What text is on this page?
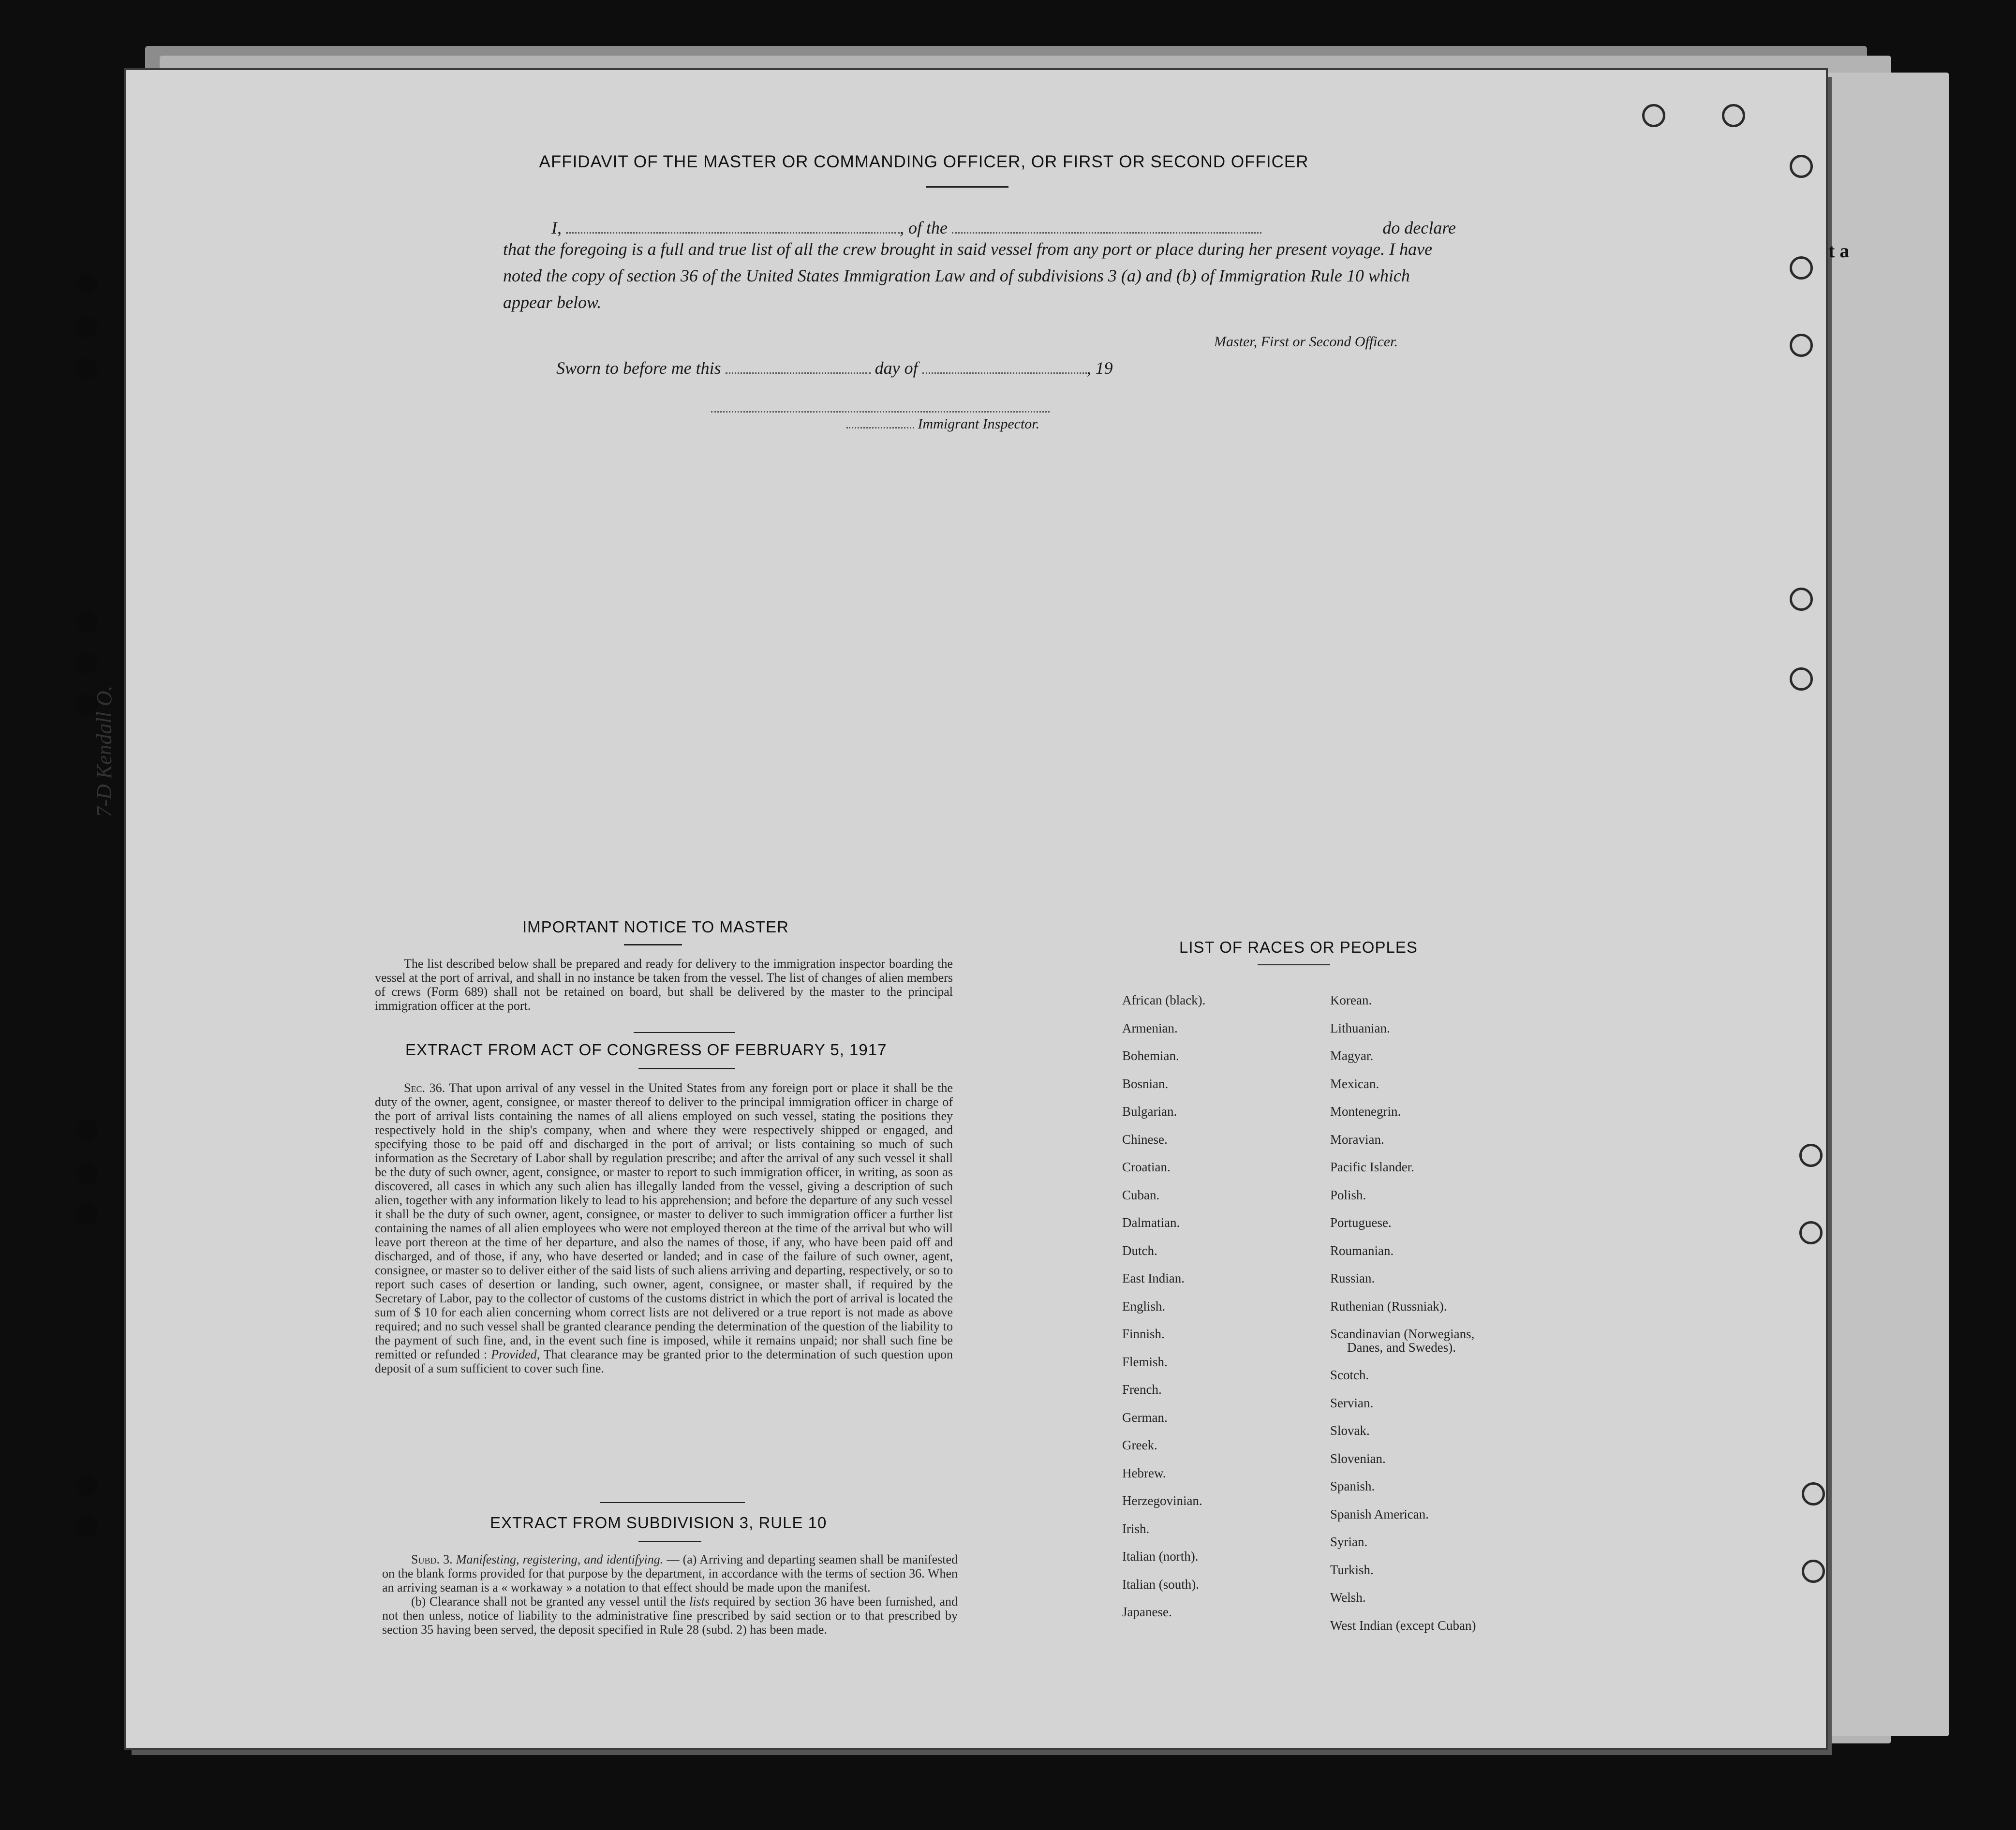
7-D Kendall O.
t a
AFFIDAVIT OF THE MASTER OR COMMANDING OFFICER, OR FIRST OR SECOND OFFICER
I,	, of the	do declare
that the foregoing is a full and true list of all the crew brought in said vessel from any port or place during her present voyage. I have noted the copy of section 36 of the United States Immigration Law and of subdivisions 3 (a) and (b) of Immigration Rule 10 which appear below.
Master, First or Second Officer.
Sworn to before me this	day of	, 19
Immigrant Inspector.
IMPORTANT NOTICE TO MASTER
The list described below shall be prepared and ready for delivery to the immigration inspector boarding the vessel at the port of arrival, and shall in no instance be taken from the vessel. The list of changes of alien members of crews (Form 689) shall not be retained on board, but shall be delivered by the master to the principal immigration officer at the port.
EXTRACT FROM ACT OF CONGRESS OF FEBRUARY 5, 1917
Sec. 36. That upon arrival of any vessel in the United States from any foreign port or place it shall be the duty of the owner, agent, consignee, or master thereof to deliver to the principal immigration officer in charge of the port of arrival lists containing the names of all aliens employed on such vessel, stating the positions they respectively hold in the ship's company, when and where they were respectively shipped or engaged, and specifying those to be paid off and discharged in the port of arrival; or lists containing so much of such information as the Secretary of Labor shall by regulation prescribe; and after the arrival of any such vessel it shall be the duty of such owner, agent, consignee, or master to report to such immigration officer, in writing, as soon as discovered, all cases in which any such alien has illegally landed from the vessel, giving a description of such alien, together with any information likely to lead to his apprehension; and before the departure of any such vessel it shall be the duty of such owner, agent, consignee, or master to deliver to such immigration officer a further list containing the names of all alien employees who were not employed thereon at the time of the arrival but who will leave port thereon at the time of her departure, and also the names of those, if any, who have been paid off and discharged, and of those, if any, who have deserted or landed; and in case of the failure of such owner, agent, consignee, or master so to deliver either of the said lists of such aliens arriving and departing, respectively, or so to report such cases of desertion or landing, such owner, agent, consignee, or master shall, if required by the Secretary of Labor, pay to the collector of customs of the customs district in which the port of arrival is located the sum of $ 10 for each alien concerning whom correct lists are not delivered or a true report is not made as above required; and no such vessel shall be granted clearance pending the determination of the question of the liability to the payment of such fine, and, in the event such fine is imposed, while it remains unpaid; nor shall such fine be remitted or refunded : Provided, That clearance may be granted prior to the determination of such question upon deposit of a sum sufficient to cover such fine.
EXTRACT FROM SUBDIVISION 3, RULE 10
Subd. 3. Manifesting, registering, and identifying. — (a) Arriving and departing seamen shall be manifested on the blank forms provided for that purpose by the department, in accordance with the terms of section 36. When an arriving seaman is a « workaway » a notation to that effect should be made upon the manifest.
(b) Clearance shall not be granted any vessel until the lists required by section 36 have been furnished, and not then unless, notice of liability to the administrative fine prescribed by said section or to that prescribed by section 35 having been served, the deposit specified in Rule 28 (subd. 2) has been made.
LIST OF RACES OR PEOPLES
African (black).
Armenian.
Bohemian.
Bosnian.
Bulgarian.
Chinese.
Croatian.
Cuban.
Dalmatian.
Dutch.
East Indian.
English.
Finnish.
Flemish.
French.
German.
Greek.
Hebrew.
Herzegovinian.
Irish.
Italian (north).
Italian (south).
Japanese.
Korean.
Lithuanian.
Magyar.
Mexican.
Montenegrin.
Moravian.
Pacific Islander.
Polish.
Portuguese.
Roumanian.
Russian.
Ruthenian (Russniak).
Scandinavian (Norwegians,
Danes, and Swedes).
Scotch.
Servian.
Slovak.
Slovenian.
Spanish.
Spanish American.
Syrian.
Turkish.
Welsh.
West Indian (except Cuban)
